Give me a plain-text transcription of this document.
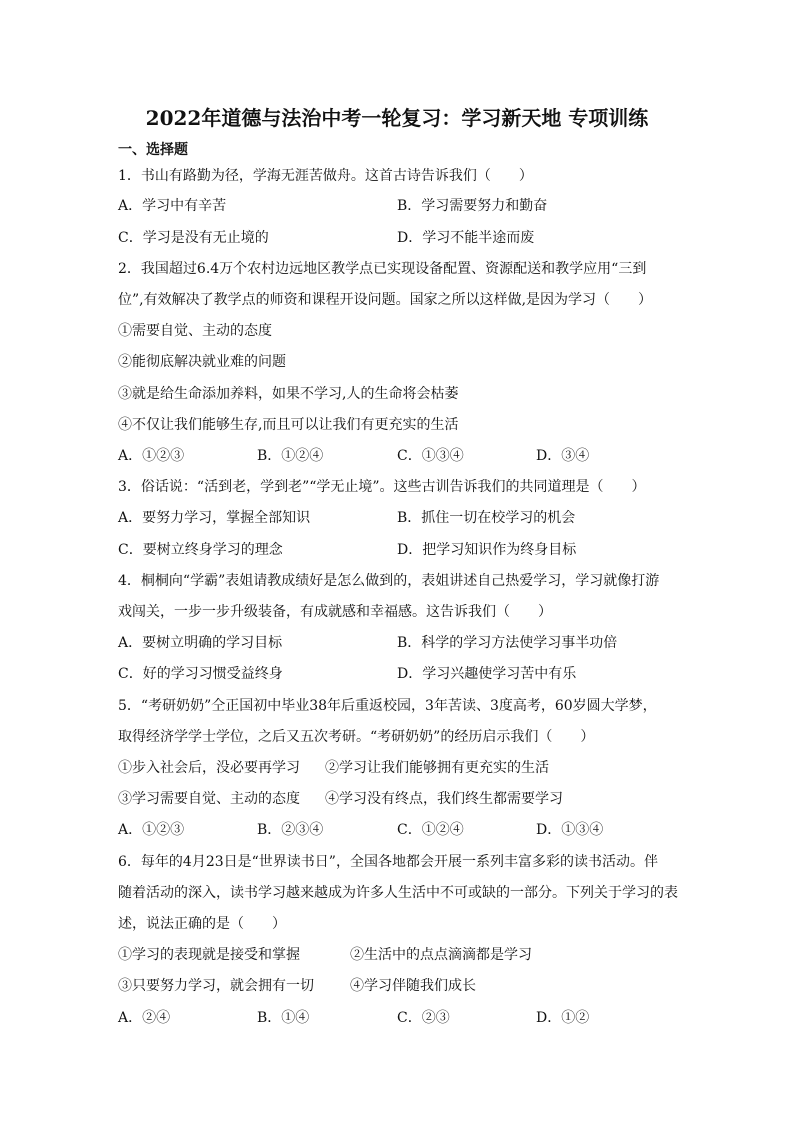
2022年道德与法治中考一轮复习：学习新天地 专项训练
一、选择题
1．书山有路勤为径，学海无涯苦做舟。这首古诗告诉我们（　　）
A．学习中有辛苦	B．学习需要努力和勤奋
C．学习是没有无止境的	D．学习不能半途而废
2．我国超过6.4万个农村边远地区教学点已实现设备配置、资源配送和教学应用“三到
位”,有效解决了教学点的师资和课程开设问题。国家之所以这样做,是因为学习（　　）
①需要自觉、主动的态度
②能彻底解决就业难的问题
③就是给生命添加养料，如果不学习,人的生命将会枯萎
④不仅让我们能够生存,而且可以让我们有更充实的生活
A．①②③	B．①②④	C．①③④	D．③④
3．俗话说：“活到老，学到老”“学无止境”。这些古训告诉我们的共同道理是（　　）
A．要努力学习，掌握全部知识	B．抓住一切在校学习的机会
C．要树立终身学习的理念	D．把学习知识作为终身目标
4．桐桐向“学霸”表姐请教成绩好是怎么做到的，表姐讲述自己热爱学习，学习就像打游
戏闯关，一步一步升级装备，有成就感和幸福感。这告诉我们（　　）
A．要树立明确的学习目标	B．科学的学习方法使学习事半功倍
C．好的学习习惯受益终身	D．学习兴趣使学习苦中有乐
5．“考研奶奶”仝正国初中毕业38年后重返校园，3年苦读、3度高考，60岁圆大学梦，
取得经济学学士学位，之后又五次考研。“考研奶奶”的经历启示我们（　　）
①步入社会后，没必要再学习 ②学习让我们能够拥有更充实的生活
③学习需要自觉、主动的态度 ④学习没有终点，我们终生都需要学习
A．①②③	B．②③④	C．①②④	D．①③④
6．每年的4月23日是“世界读书日”，全国各地都会开展一系列丰富多彩的读书活动。伴
随着活动的深入，读书学习越来越成为许多人生活中不可或缺的一部分。下列关于学习的表
述，说法正确的是（　　）
①学习的表现就是接受和掌握	②生活中的点点滴滴都是学习
③只要努力学习，就会拥有一切	④学习伴随我们成长
A．②④	B．①④	C．②③	D．①②
